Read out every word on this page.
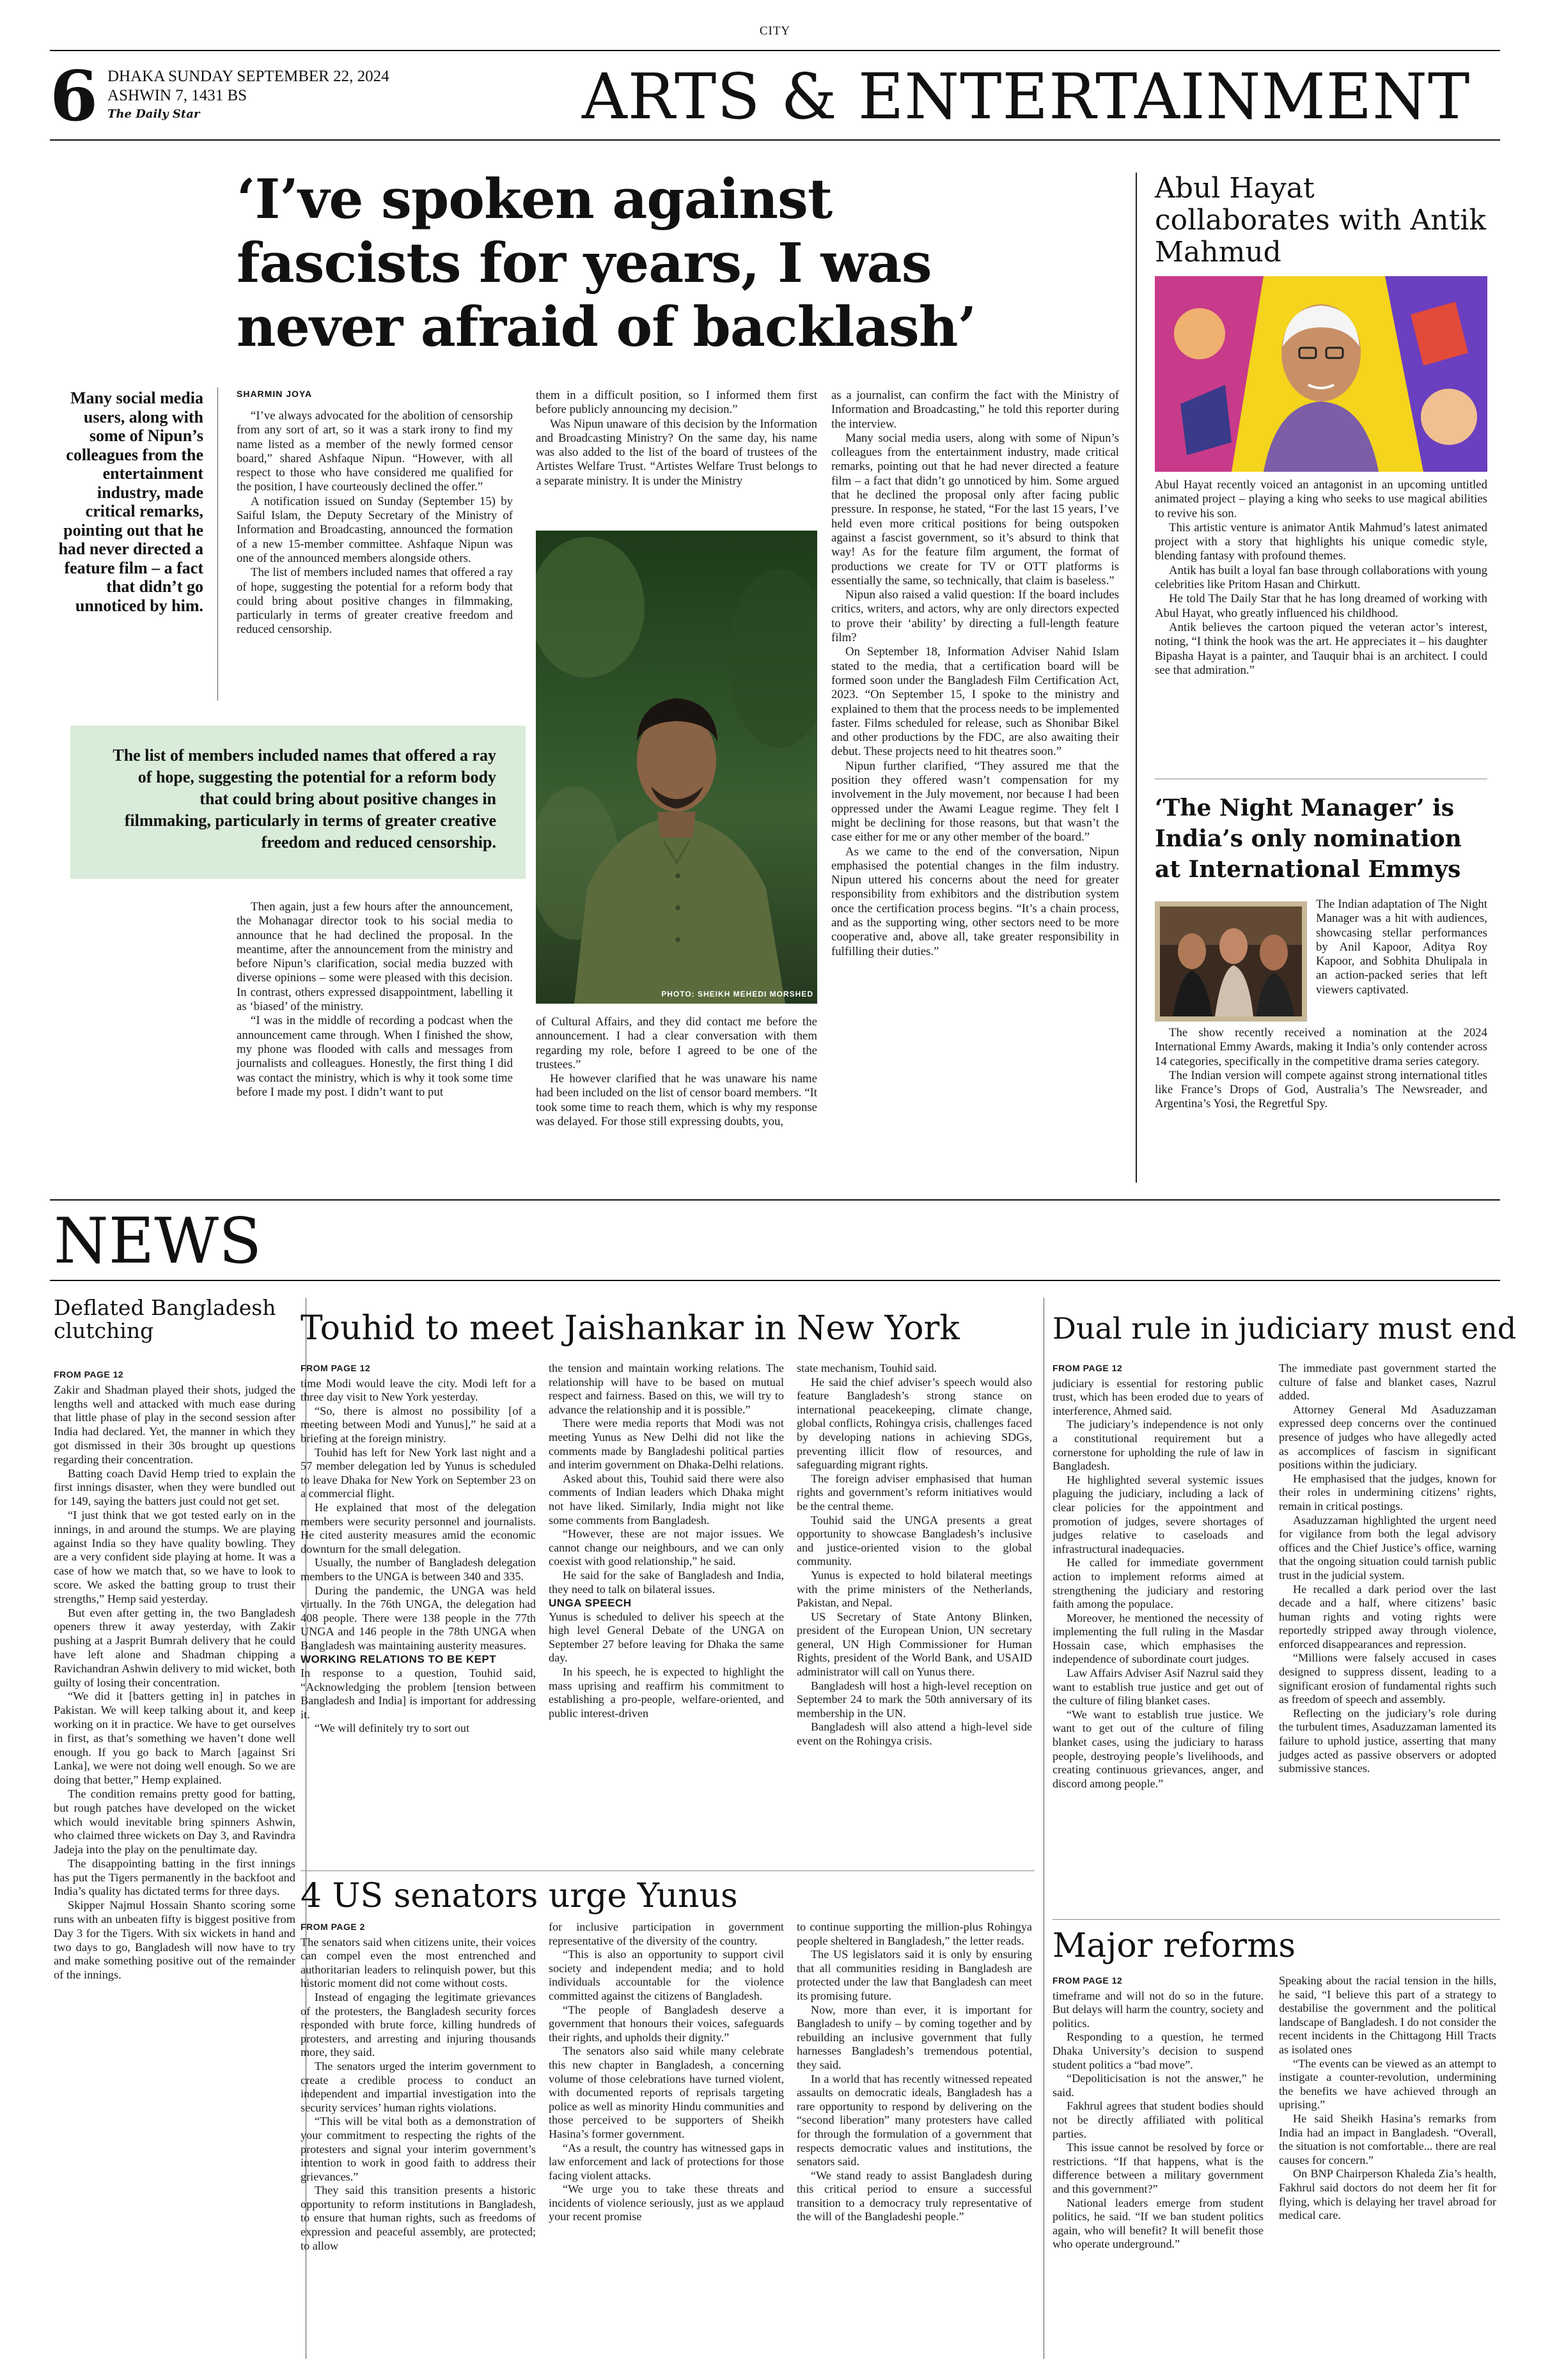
CITY
6 DHAKA SUNDAY SEPTEMBER 22, 2024
ASHWIN 7, 1431 BS
The Daily Star	ARTS & ENTERTAINMENT
‘I’ve spoken against fascists for years, I was never afraid of backlash’
Many social media users, along with some of Nipun’s colleagues from the entertainment industry, made critical remarks, pointing out that he had never directed a feature film – a fact that didn’t go unnoticed by him.
SHARMIN JOYA

“I’ve always advocated for the abolition of censorship from any sort of art, so it was a stark irony to find my name listed as a member of the newly formed censor board,” shared Ashfaque Nipun. “However, with all respect to those who have considered me qualified for the position, I have courteously declined the offer.”

A notification issued on Sunday (September 15) by Saiful Islam, the Deputy Secretary of the Ministry of Information and Broadcasting, announced the formation of a new 15-member committee. Ashfaque Nipun was one of the announced members alongside others.

The list of members included names that offered a ray of hope, suggesting the potential for a reform body that could bring about positive changes in filmmaking, particularly in terms of greater creative freedom and reduced censorship.

The list of members included names that offered a ray of hope, suggesting the potential for a reform body that could bring about positive changes in filmmaking, particularly in terms of greater creative freedom and reduced censorship.

Then again, just a few hours after the announcement, the Mohanagar director took to his social media to announce that he had declined the proposal. In the meantime, after the announcement from the ministry and before Nipun’s clarification, social media buzzed with diverse opinions – some were pleased with this decision. In contrast, others expressed disappointment, labelling it as ‘biased’ of the ministry.

“I was in the middle of recording a podcast when the announcement came through. When I finished the show, my phone was flooded with calls and messages from journalists and colleagues. Honestly, the first thing I did was contact the ministry, which is why it took some time before I made my post. I didn’t want to put

them in a difficult position, so I informed them first before publicly announcing my decision.”

Was Nipun unaware of this decision by the Information and Broadcasting Ministry? On the same day, his name was also added to the list of the board of trustees of the Artistes Welfare Trust. “Artistes Welfare Trust belongs to a separate ministry. It is under the Ministry

PHOTO: SHEIKH MEHEDI MORSHED

of Cultural Affairs, and they did contact me before the announcement. I had a clear conversation with them regarding my role, before I agreed to be one of the trustees.”

He however clarified that he was unaware his name had been included on the list of censor board members. “It took some time to reach them, which is why my response was delayed. For those still expressing doubts, you,

as a journalist, can confirm the fact with the Ministry of Information and Broadcasting,” he told this reporter during the interview.

Many social media users, along with some of Nipun’s colleagues from the entertainment industry, made critical remarks, pointing out that he had never directed a feature film – a fact that didn’t go unnoticed by him. Some argued that he declined the proposal only after facing public pressure. In response, he stated, “For the last 15 years, I’ve held even more critical positions for being outspoken against a fascist government, so it’s absurd to think that way! As for the feature film argument, the format of productions we create for TV or OTT platforms is essentially the same, so technically, that claim is baseless.”

Nipun also raised a valid question: If the board includes critics, writers, and actors, why are only directors expected to prove their ‘ability’ by directing a full-length feature film?

On September 18, Information Adviser Nahid Islam stated to the media, that a certification board will be formed soon under the Bangladesh Film Certification Act, 2023. “On September 15, I spoke to the ministry and explained to them that the process needs to be implemented faster. Films scheduled for release, such as Shonibar Bikel and other productions by the FDC, are also awaiting their debut. These projects need to hit theatres soon.”

Nipun further clarified, “They assured me that the position they offered wasn’t compensation for my involvement in the July movement, nor because I had been oppressed under the Awami League regime. They felt I might be declining for those reasons, but that wasn’t the case either for me or any other member of the board.”

As we came to the end of the conversation, Nipun emphasised the potential changes in the film industry. Nipun uttered his concerns about the need for greater responsibility from exhibitors and the distribution system once the certification process begins. “It’s a chain process, and as the supporting wing, other sectors need to be more cooperative and, above all, take greater responsibility in fulfilling their duties.”

Abul Hayat collaborates with Antik Mahmud

Abul Hayat recently voiced an antagonist in an upcoming untitled animated project – playing a king who seeks to use magical abilities to revive his son.

This artistic venture is animator Antik Mahmud’s latest animated project with a story that highlights his unique comedic style, blending fantasy with profound themes.

Antik has built a loyal fan base through collaborations with young celebrities like Pritom Hasan and Chirkutt.

He told The Daily Star that he has long dreamed of working with Abul Hayat, who greatly influenced his childhood.

Antik believes the cartoon piqued the veteran actor’s interest, noting, “I think the hook was the art. He appreciates it – his daughter Bipasha Hayat is a painter, and Tauquir bhai is an architect. I could see that admiration.”

‘The Night Manager’ is India’s only nomination at International Emmys

The Indian adaptation of The Night Manager was a hit with audiences, showcasing stellar performances by Anil Kapoor, Aditya Roy Kapoor, and Sobhita Dhulipala in an action-packed series that left viewers captivated.

The show recently received a nomination at the 2024 International Emmy Awards, making it India’s only contender across 14 categories, specifically in the competitive drama series category.

The Indian version will compete against strong international titles like France’s Drops of God, Australia’s The Newsreader, and Argentina’s Yosi, the Regretful Spy.

NEWS
Deflated Bangladesh clutching
FROM PAGE 12

Zakir and Shadman played their shots, judged the lengths well and attacked with much ease during that little phase of play in the second session after India had declared. Yet, the manner in which they got dismissed in their 30s brought up questions regarding their concentration.

Batting coach David Hemp tried to explain the first innings disaster, when they were bundled out for 149, saying the batters just could not get set.

“I just think that we got tested early on in the innings, in and around the stumps. We are playing against India so they have quality bowling. They are a very confident side playing at home. It was a case of how we match that, so we have to look to score. We asked the batting group to trust their strengths,” Hemp said yesterday.

But even after getting in, the two Bangladesh openers threw it away yesterday, with Zakir pushing at a Jasprit Bumrah delivery that he could have left alone and Shadman chipping a Ravichandran Ashwin delivery to mid wicket, both guilty of losing their concentration.

“We did it [batters getting in] in patches in Pakistan. We will keep talking about it, and keep working on it in practice. We have to get ourselves in first, as that’s something we haven’t done well enough. If you go back to March [against Sri Lanka], we were not doing well enough. So we are doing that better,” Hemp explained.

The condition remains pretty good for batting, but rough patches have developed on the wicket which would inevitable bring spinners Ashwin, who claimed three wickets on Day 3, and Ravindra Jadeja into the play on the penultimate day.

The disappointing batting in the first innings has put the Tigers permanently in the backfoot and India’s quality has dictated terms for three days.

Skipper Najmul Hossain Shanto scoring some runs with an unbeaten fifty is biggest positive from Day 3 for the Tigers. With six wickets in hand and two days to go, Bangladesh will now have to try and make something positive out of the remainder of the innings.

Touhid to meet Jaishankar in New York
FROM PAGE 12

time Modi would leave the city. Modi left for a three day visit to New York yesterday.

“So, there is almost no possibility [of a meeting between Modi and Yunus],” he said at a briefing at the foreign ministry.

Touhid has left for New York last night and a 57 member delegation led by Yunus is scheduled to leave Dhaka for New York on September 23 on a commercial flight.

He explained that most of the delegation members were security personnel and journalists. He cited austerity measures amid the economic downturn for the small delegation.

Usually, the number of Bangladesh delegation members to the UNGA is between 340 and 335.

During the pandemic, the UNGA was held virtually. In the 76th UNGA, the delegation had 408 people. There were 138 people in the 77th UNGA and 146 people in the 78th UNGA when Bangladesh was maintaining austerity measures.

WORKING RELATIONS TO BE KEPT

In response to a question, Touhid said, “Acknowledging the problem [tension between Bangladesh and India] is important for addressing it.

“We will definitely try to sort out

the tension and maintain working relations. The relationship will have to be based on mutual respect and fairness. Based on this, we will try to advance the relationship and it is possible.”

There were media reports that Modi was not meeting Yunus as New Delhi did not like the comments made by Bangladeshi political parties and interim government on Dhaka-Delhi relations.

Asked about this, Touhid said there were also comments of Indian leaders which Dhaka might not have liked. Similarly, India might not like some comments from Bangladesh.

“However, these are not major issues. We cannot change our neighbours, and we can only coexist with good relationship,” he said.

He said for the sake of Bangladesh and India, they need to talk on bilateral issues.

UNGA SPEECH

Yunus is scheduled to deliver his speech at the high level General Debate of the UNGA on September 27 before leaving for Dhaka the same day.

In his speech, he is expected to highlight the mass uprising and reaffirm his commitment to establishing a pro-people, welfare-oriented, and public interest-driven

state mechanism, Touhid said.

He said the chief adviser’s speech would also feature Bangladesh’s strong stance on international peacekeeping, climate change, global conflicts, Rohingya crisis, challenges faced by developing nations in achieving SDGs, preventing illicit flow of resources, and safeguarding migrant rights.

The foreign adviser emphasised that human rights and government’s reform initiatives would be the central theme.

Touhid said the UNGA presents a great opportunity to showcase Bangladesh’s inclusive and justice-oriented vision to the global community.

Yunus is expected to hold bilateral meetings with the prime ministers of the Netherlands, Pakistan, and Nepal.

US Secretary of State Antony Blinken, president of the European Union, UN secretary general, UN High Commissioner for Human Rights, president of the World Bank, and USAID administrator will call on Yunus there.

Bangladesh will host a high-level reception on September 24 to mark the 50th anniversary of its membership in the UN.

Bangladesh will also attend a high-level side event on the Rohingya crisis.

4 US senators urge Yunus
FROM PAGE 2

The senators said when citizens unite, their voices can compel even the most entrenched and authoritarian leaders to relinquish power, but this historic moment did not come without costs.

Instead of engaging the legitimate grievances of the protesters, the Bangladesh security forces responded with brute force, killing hundreds of protesters, and arresting and injuring thousands more, they said.

The senators urged the interim government to create a credible process to conduct an independent and impartial investigation into the security services’ human rights violations.

“This will be vital both as a demonstration of your commitment to respecting the rights of the protesters and signal your interim government’s intention to work in good faith to address their grievances.”

They said this transition presents a historic opportunity to reform institutions in Bangladesh, to ensure that human rights, such as freedoms of expression and peaceful assembly, are protected; to allow

for inclusive participation in government representative of the diversity of the country.

“This is also an opportunity to support civil society and independent media; and to hold individuals accountable for the violence committed against the citizens of Bangladesh.

“The people of Bangladesh deserve a government that honours their voices, safeguards their rights, and upholds their dignity.”

The senators also said while many celebrate this new chapter in Bangladesh, a concerning volume of those celebrations have turned violent, with documented reports of reprisals targeting police as well as minority Hindu communities and those perceived to be supporters of Sheikh Hasina’s former government.

“As a result, the country has witnessed gaps in law enforcement and lack of protections for those facing violent attacks.

“We urge you to take these threats and incidents of violence seriously, just as we applaud your recent promise

to continue supporting the million-plus Rohingya people sheltered in Bangladesh,” the letter reads.

The US legislators said it is only by ensuring that all communities residing in Bangladesh are protected under the law that Bangladesh can meet its promising future.

Now, more than ever, it is important for Bangladesh to unify – by coming together and by rebuilding an inclusive government that fully harnesses Bangladesh’s tremendous potential, they said.

In a world that has recently witnessed repeated assaults on democratic ideals, Bangladesh has a rare opportunity to respond by delivering on the “second liberation” many protesters have called for through the formulation of a government that respects democratic values and institutions, the senators said.

“We stand ready to assist Bangladesh during this critical period to ensure a successful transition to a democracy truly representative of the will of the Bangladeshi people.”

Dual rule in judiciary must end
FROM PAGE 12

judiciary is essential for restoring public trust, which has been eroded due to years of interference, Ahmed said.

The judiciary’s independence is not only a constitutional requirement but a cornerstone for upholding the rule of law in Bangladesh.

He highlighted several systemic issues plaguing the judiciary, including a lack of clear policies for the appointment and promotion of judges, severe shortages of judges relative to caseloads and infrastructural inadequacies.

He called for immediate government action to implement reforms aimed at strengthening the judiciary and restoring faith among the populace.

Moreover, he mentioned the necessity of implementing the full ruling in the Masdar Hossain case, which emphasises the independence of subordinate court judges.

Law Affairs Adviser Asif Nazrul said they want to establish true justice and get out of the culture of filing blanket cases.

“We want to establish true justice. We want to get out of the culture of filing blanket cases, using the judiciary to harass people, destroying people’s livelihoods, and creating continuous grievances, anger, and discord among people.”

The immediate past government started the culture of false and blanket cases, Nazrul added.

Attorney General Md Asaduzzaman expressed deep concerns over the continued presence of judges who have allegedly acted as accomplices of fascism in significant positions within the judiciary.

He emphasised that the judges, known for their roles in undermining citizens’ rights, remain in critical postings.

Asaduzzaman highlighted the urgent need for vigilance from both the legal advisory offices and the Chief Justice’s office, warning that the ongoing situation could tarnish public trust in the judicial system.

He recalled a dark period over the last decade and a half, where citizens’ basic human rights and voting rights were reportedly stripped away through violence, enforced disappearances and repression.

“Millions were falsely accused in cases designed to suppress dissent, leading to a significant erosion of fundamental rights such as freedom of speech and assembly.

Reflecting on the judiciary’s role during the turbulent times, Asaduzzaman lamented its failure to uphold justice, asserting that many judges acted as passive observers or adopted submissive stances.

Major reforms
FROM PAGE 12

timeframe and will not do so in the future. But delays will harm the country, society and politics.

Responding to a question, he termed Dhaka University’s decision to suspend student politics a “bad move”.

“Depoliticisation is not the answer,” he said.

Fakhrul agrees that student bodies should not be directly affiliated with political parties.

This issue cannot be resolved by force or restrictions. “If that happens, what is the difference between a military government and this government?”

National leaders emerge from student politics, he said. “If we ban student politics again, who will benefit? It will benefit those who operate underground.”

Speaking about the racial tension in the hills, he said, “I believe this part of a strategy to destabilise the government and the political landscape of Bangladesh. I do not consider the recent incidents in the Chittagong Hill Tracts as isolated ones

“The events can be viewed as an attempt to instigate a counter-revolution, undermining the benefits we have achieved through an uprising.”

He said Sheikh Hasina’s remarks from India had an impact in Bangladesh. “Overall, the situation is not comfortable... there are real causes for concern.”

On BNP Chairperson Khaleda Zia’s health, Fakhrul said doctors do not deem her fit for flying, which is delaying her travel abroad for medical care.
